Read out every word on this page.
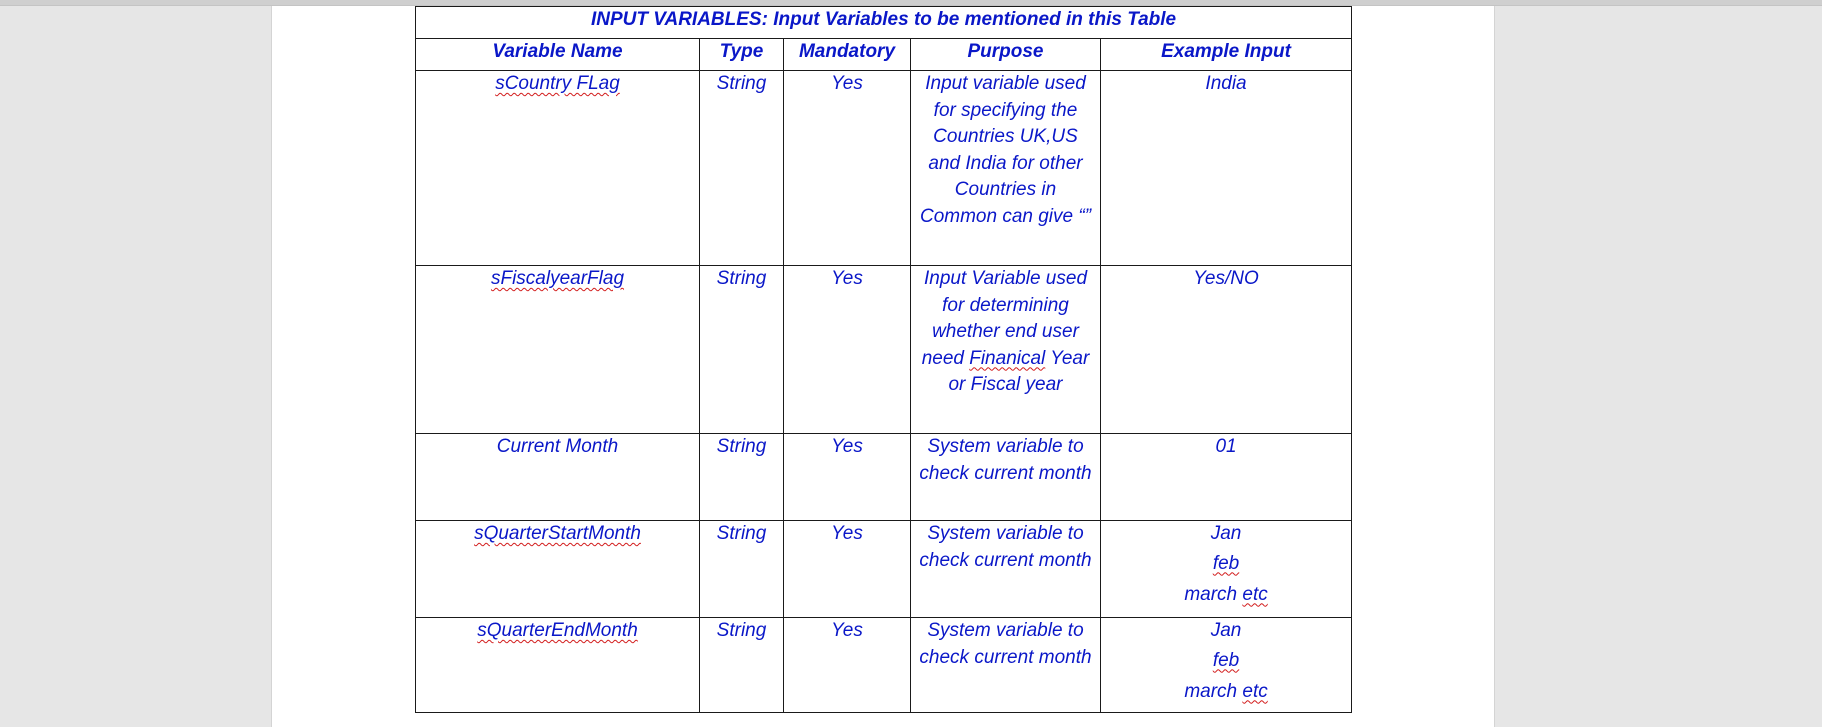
INPUT VARIABLES: Input Variables to be mentioned in this Table				
Variable Name	Type	Mandatory	Purpose	Example Input
sCountry FLag	String	Yes	Input variable used for specifying the Countries UK,US and India for other Countries in Common can give “”	India
sFiscalyearFlag	String	Yes	Input Variable used for determining whether end user need Finanical Year or Fiscal year	Yes/NO
Current Month	String	Yes	System variable to check current month	01
sQuarterStartMonth	String	Yes	System variable to check current month	Jan
feb
march etc

sQuarterEndMonth	String	Yes	System variable to check current month	Jan
feb
march etc
